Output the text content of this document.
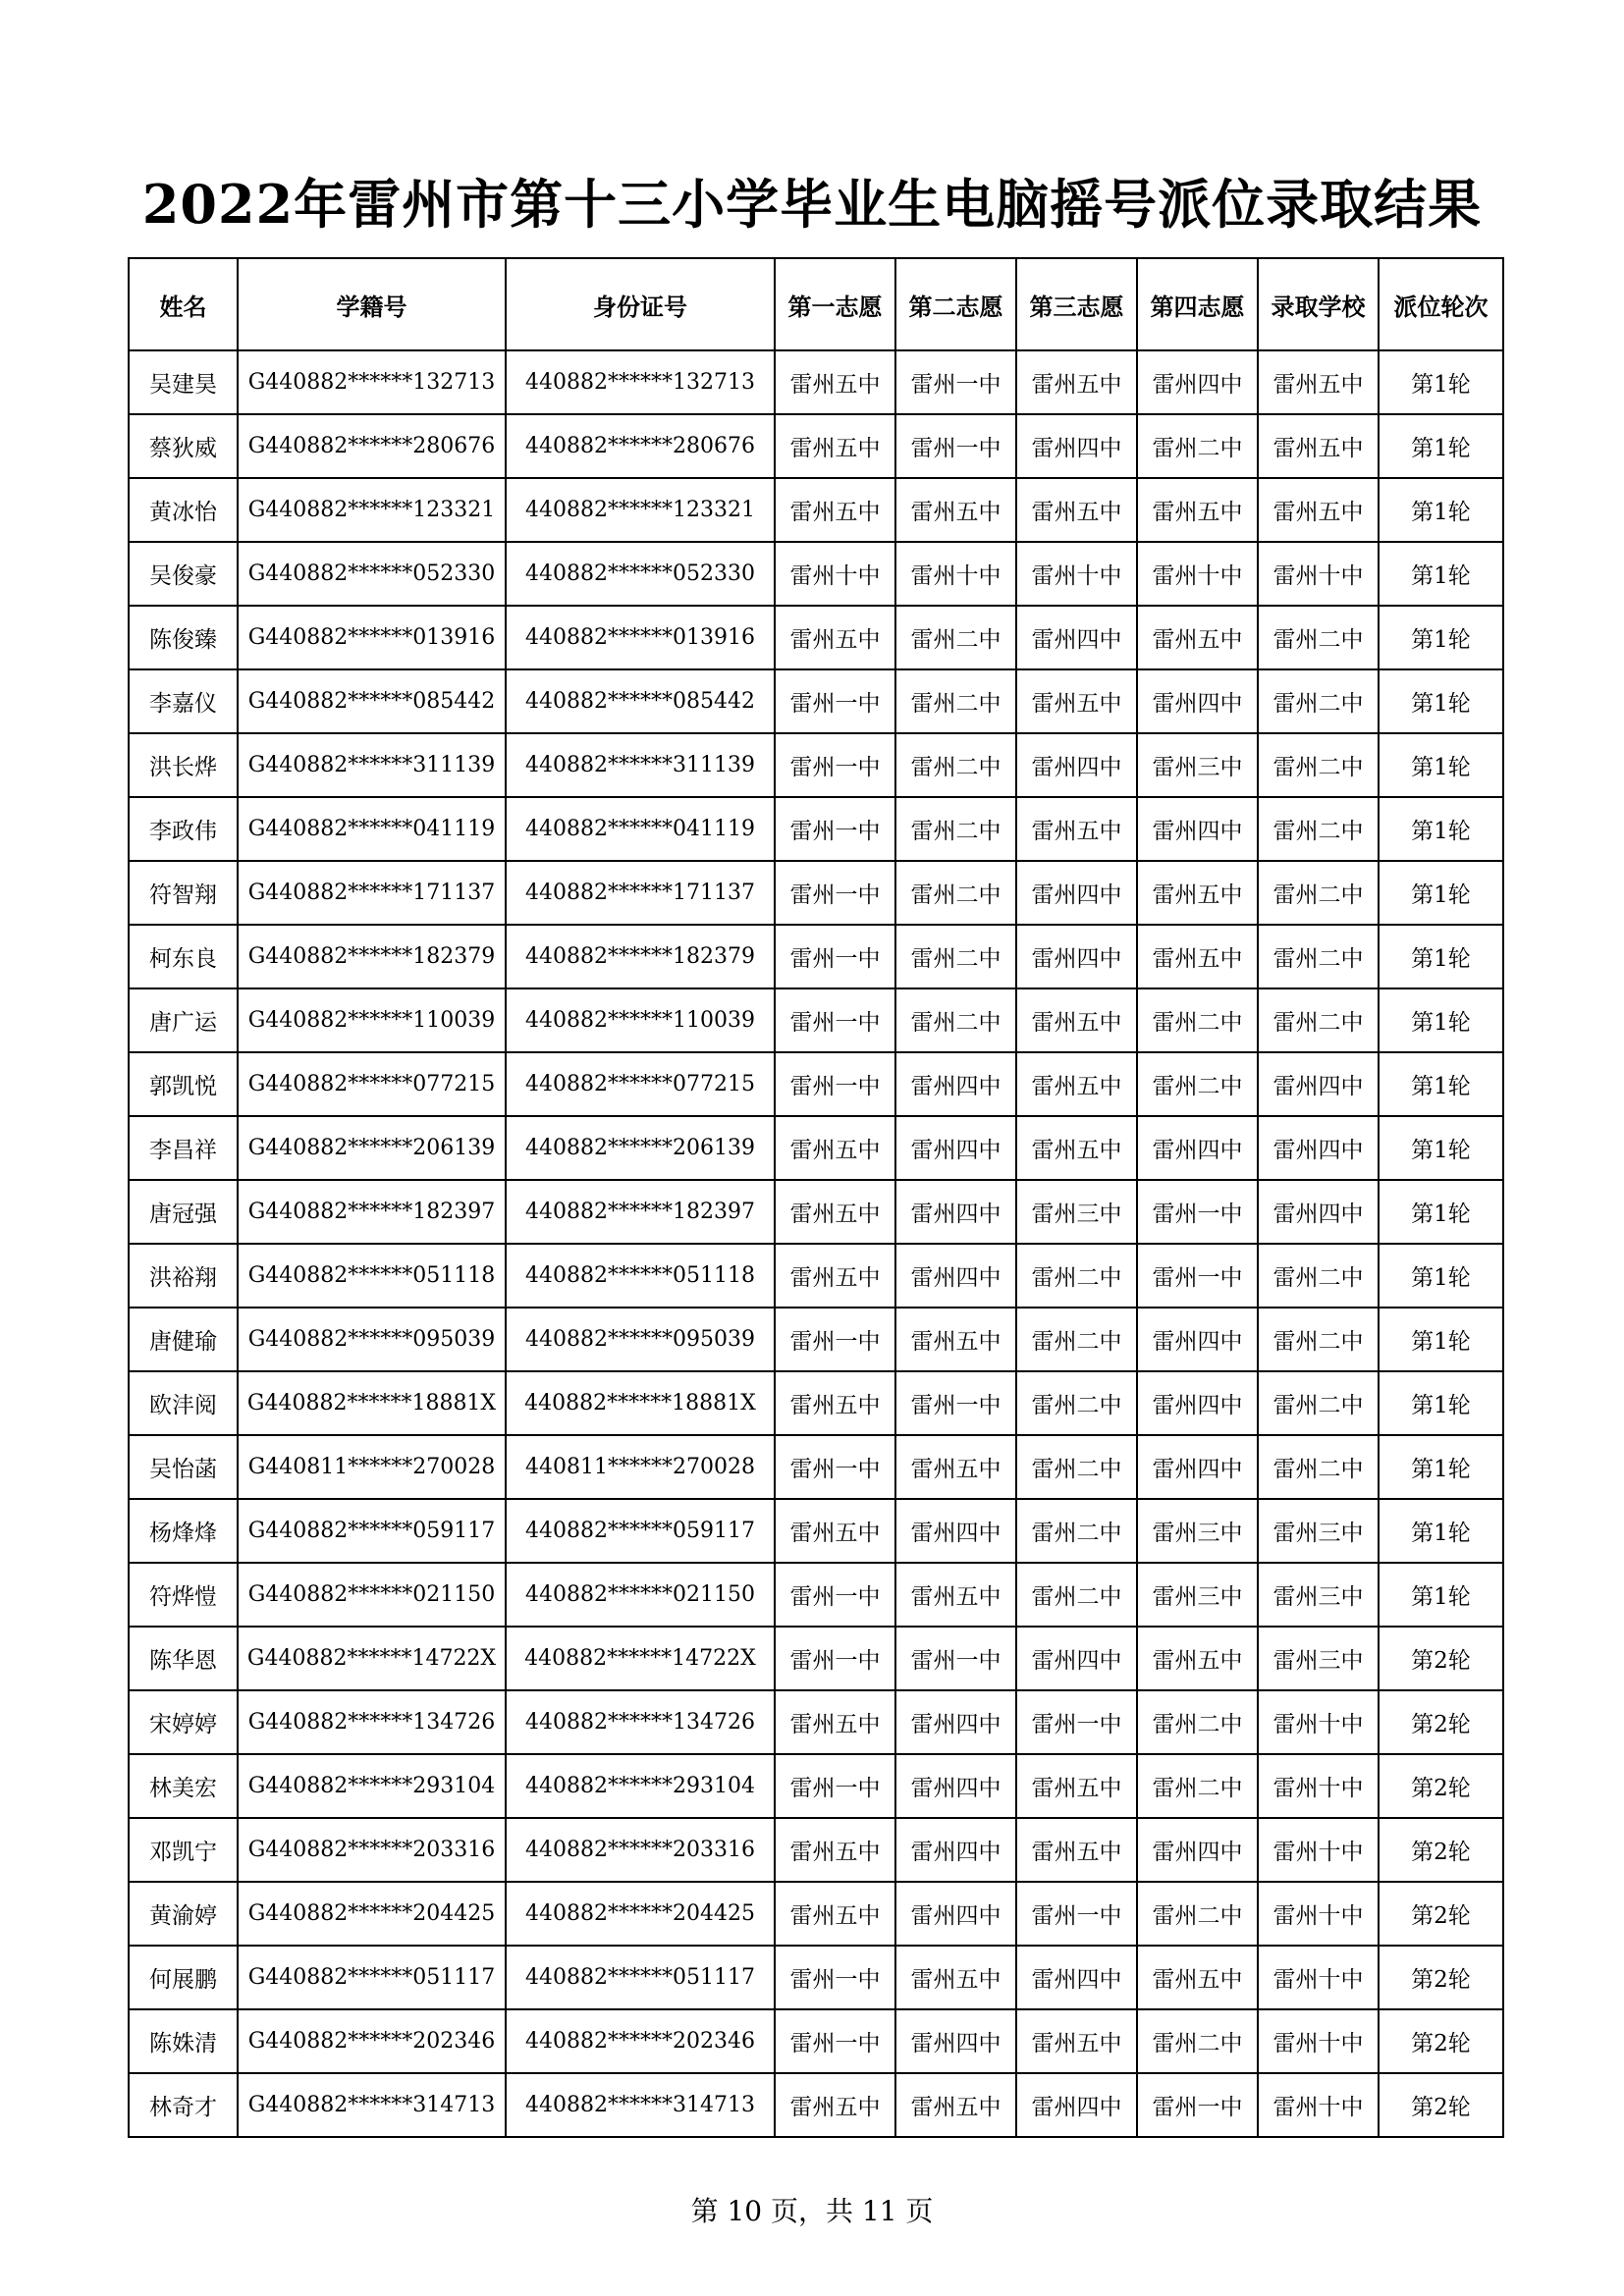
2022年雷州市第十三小学毕业生电脑摇号派位录取结果
姓名	学籍号	身份证号	第一志愿	第二志愿	第三志愿	第四志愿	录取学校	派位轮次
吴建昊	G440882******132713	440882******132713	雷州五中	雷州一中	雷州五中	雷州四中	雷州五中	第1轮
蔡狄威	G440882******280676	440882******280676	雷州五中	雷州一中	雷州四中	雷州二中	雷州五中	第1轮
黄冰怡	G440882******123321	440882******123321	雷州五中	雷州五中	雷州五中	雷州五中	雷州五中	第1轮
吴俊豪	G440882******052330	440882******052330	雷州十中	雷州十中	雷州十中	雷州十中	雷州十中	第1轮
陈俊臻	G440882******013916	440882******013916	雷州五中	雷州二中	雷州四中	雷州五中	雷州二中	第1轮
李嘉仪	G440882******085442	440882******085442	雷州一中	雷州二中	雷州五中	雷州四中	雷州二中	第1轮
洪长烨	G440882******311139	440882******311139	雷州一中	雷州二中	雷州四中	雷州三中	雷州二中	第1轮
李政伟	G440882******041119	440882******041119	雷州一中	雷州二中	雷州五中	雷州四中	雷州二中	第1轮
符智翔	G440882******171137	440882******171137	雷州一中	雷州二中	雷州四中	雷州五中	雷州二中	第1轮
柯东良	G440882******182379	440882******182379	雷州一中	雷州二中	雷州四中	雷州五中	雷州二中	第1轮
唐广运	G440882******110039	440882******110039	雷州一中	雷州二中	雷州五中	雷州二中	雷州二中	第1轮
郭凯悦	G440882******077215	440882******077215	雷州一中	雷州四中	雷州五中	雷州二中	雷州四中	第1轮
李昌祥	G440882******206139	440882******206139	雷州五中	雷州四中	雷州五中	雷州四中	雷州四中	第1轮
唐冠强	G440882******182397	440882******182397	雷州五中	雷州四中	雷州三中	雷州一中	雷州四中	第1轮
洪裕翔	G440882******051118	440882******051118	雷州五中	雷州四中	雷州二中	雷州一中	雷州二中	第1轮
唐健瑜	G440882******095039	440882******095039	雷州一中	雷州五中	雷州二中	雷州四中	雷州二中	第1轮
欧沣阅	G440882******18881X	440882******18881X	雷州五中	雷州一中	雷州二中	雷州四中	雷州二中	第1轮
吴怡菡	G440811******270028	440811******270028	雷州一中	雷州五中	雷州二中	雷州四中	雷州二中	第1轮
杨烽烽	G440882******059117	440882******059117	雷州五中	雷州四中	雷州二中	雷州三中	雷州三中	第1轮
符烨愷	G440882******021150	440882******021150	雷州一中	雷州五中	雷州二中	雷州三中	雷州三中	第1轮
陈华恩	G440882******14722X	440882******14722X	雷州一中	雷州一中	雷州四中	雷州五中	雷州三中	第2轮
宋婷婷	G440882******134726	440882******134726	雷州五中	雷州四中	雷州一中	雷州二中	雷州十中	第2轮
林美宏	G440882******293104	440882******293104	雷州一中	雷州四中	雷州五中	雷州二中	雷州十中	第2轮
邓凯宁	G440882******203316	440882******203316	雷州五中	雷州四中	雷州五中	雷州四中	雷州十中	第2轮
黄渝婷	G440882******204425	440882******204425	雷州五中	雷州四中	雷州一中	雷州二中	雷州十中	第2轮
何展鹏	G440882******051117	440882******051117	雷州一中	雷州五中	雷州四中	雷州五中	雷州十中	第2轮
陈姝清	G440882******202346	440882******202346	雷州一中	雷州四中	雷州五中	雷州二中	雷州十中	第2轮
林奇才	G440882******314713	440882******314713	雷州五中	雷州五中	雷州四中	雷州一中	雷州十中	第2轮
第 10 页，共 11 页
